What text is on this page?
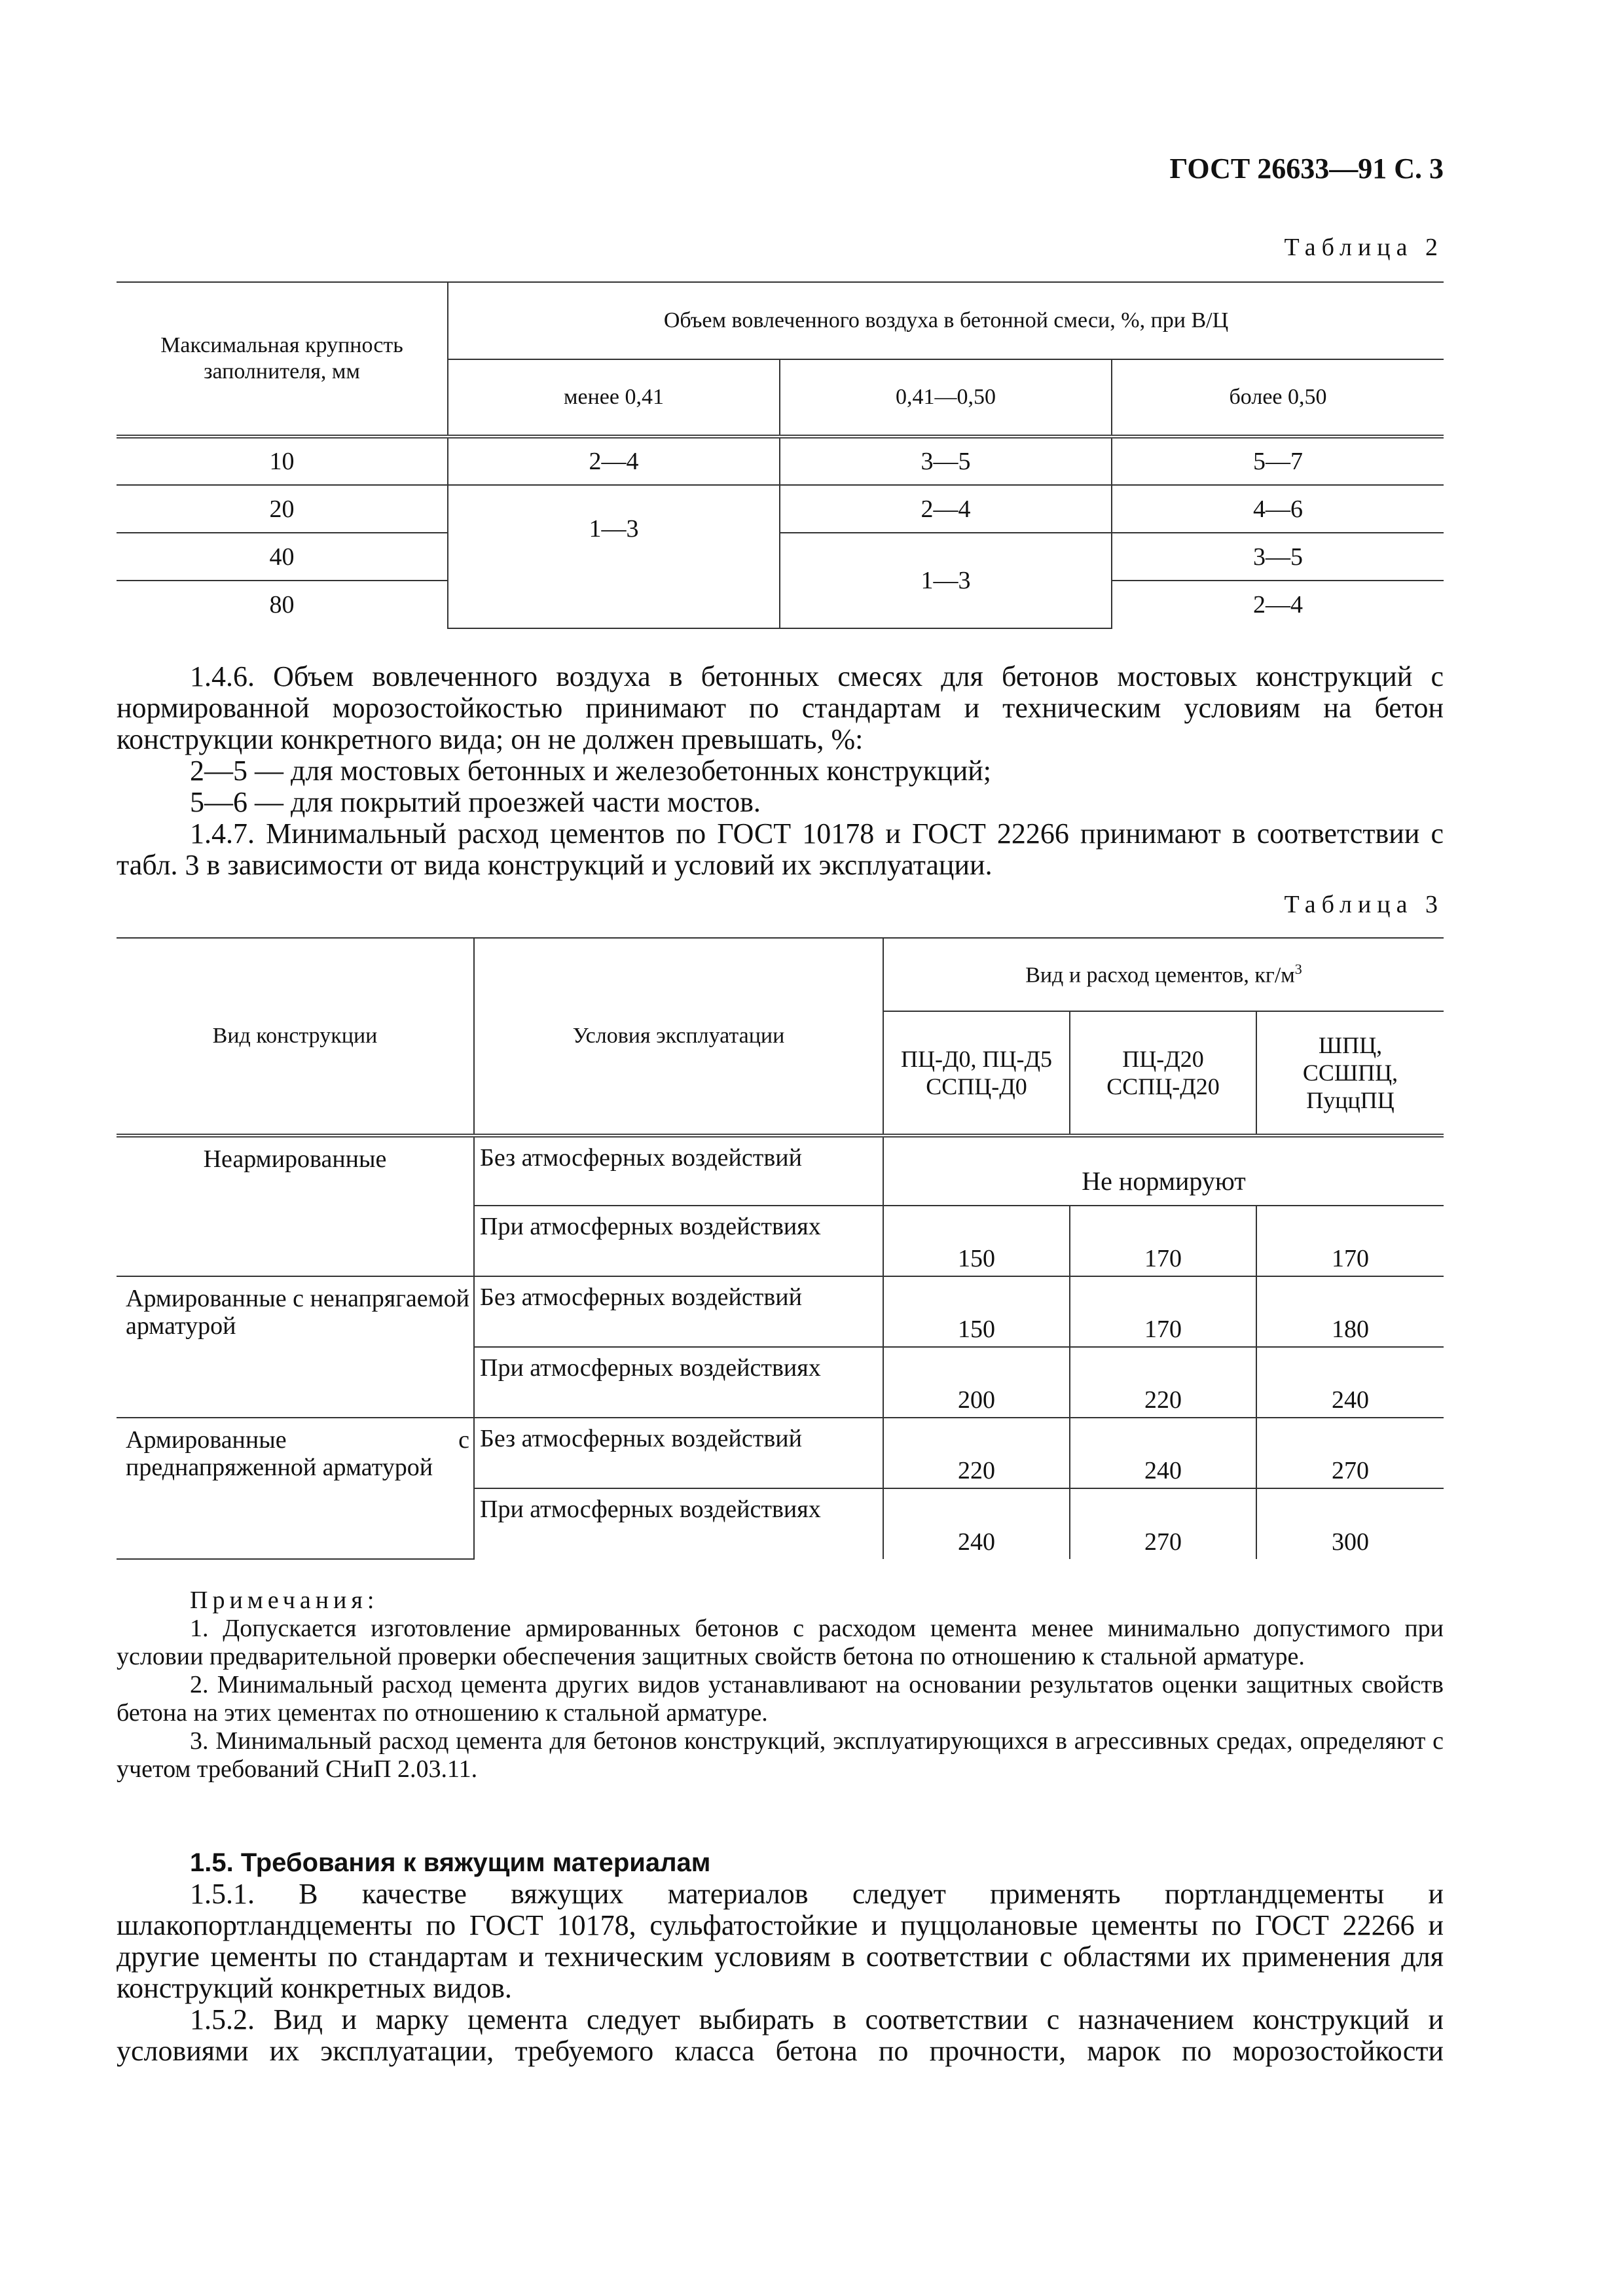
ГОСТ 26633—91 С. 3
Таблица 2
Максимальная крупность заполнителя, мм	Объем вовлеченного воздуха в бетонной смеси, %, при В/Ц		
	менее 0,41	0,41—0,50	более 0,50
10	2—4	3—5	5—7
20	1—3	2—4	4—6
40		1—3	3—5
80			2—4

1.4.6. Объем вовлеченного воздуха в бетонных смесях для бетонов мостовых конструкций с нормированной морозостойкостью принимают по стандартам и техническим условиям на бетон конструкции конкретного вида; он не должен превышать, %:

2—5 — для мостовых бетонных и железобетонных конструкций;

5—6 — для покрытий проезжей части мостов.

1.4.7. Минимальный расход цементов по ГОСТ 10178 и ГОСТ 22266 принимают в соответствии с табл. 3 в зависимости от вида конструкций и условий их эксплуатации.

Таблица 3
Вид конструкции	Условия эксплуатации	Вид и расход цементов, $кг/м^3$
		ПЦ-Д0, ПЦ-Д5 ССПЦ-Д0	ПЦ-Д20 ССПЦ-Д20	ШПЦ, ССШПЦ, ПуццПЦ
Неармированные	Без атмосферных воздействий	Не нормируют		
	При атмосферных воздействиях	150	170	170
Армированные с ненапрягаемой арматурой	Без атмосферных воздействий	150	170	180
	При атмосферных воздействиях	200	220	240
Армированные с преднапряженной арматурой	Без атмосферных воздействий	220	240	270
	При атмосферных воздействиях	240	270	300

Примечания:

1. Допускается изготовление армированных бетонов с расходом цемента менее минимально допустимого при условии предварительной проверки обеспечения защитных свойств бетона по отношению к стальной арматуре.

2. Минимальный расход цемента других видов устанавливают на основании результатов оценки защитных свойств бетона на этих цементах по отношению к стальной арматуре.

3. Минимальный расход цемента для бетонов конструкций, эксплуатирующихся в агрессивных средах, определяют с учетом требований СНиП 2.03.11.

1.5. Требования к вяжущим материалам

1.5.1. В качестве вяжущих материалов следует применять портландцементы и шлакопортландцементы по ГОСТ 10178, сульфатостойкие и пуццолановые цементы по ГОСТ 22266 и другие цементы по стандартам и техническим условиям в соответствии с областями их применения для конструкций конкретных видов.

1.5.2. Вид и марку цемента следует выбирать в соответствии с назначением конструкций и условиями их эксплуатации, требуемого класса бетона по прочности, марок по морозостойкости
